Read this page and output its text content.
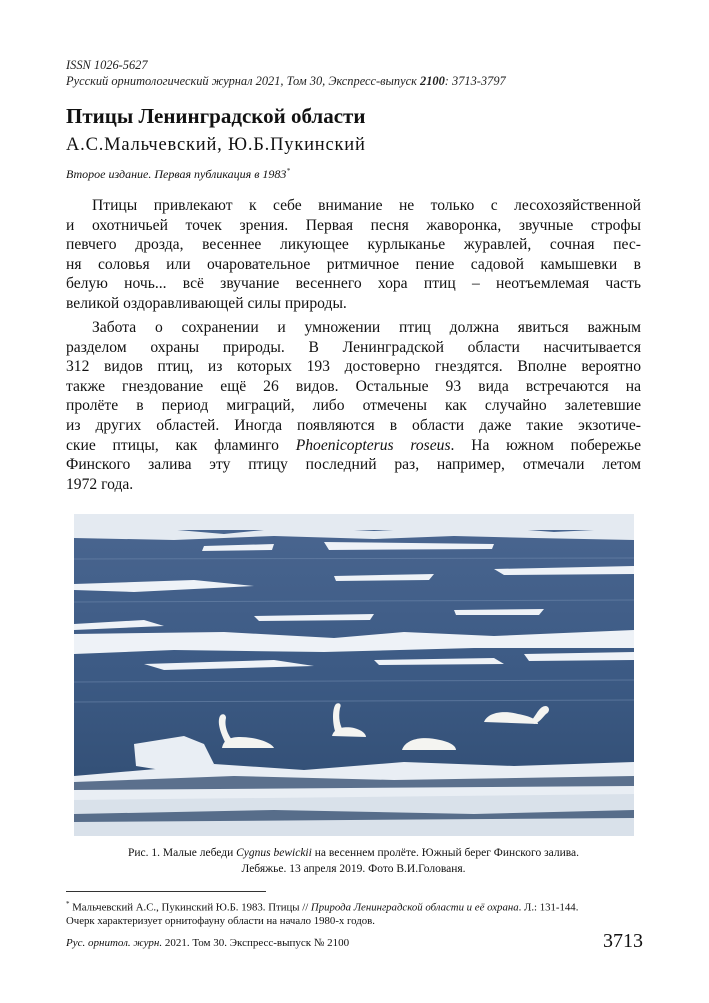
ISSN 1026-5627
Русский орнитологический журнал 2021, Том 30, Экспресс-выпуск 2100: 3713-3797
Птицы Ленинградской области
А.С.Мальчевский, Ю.Б.Пукинский
Второе издание. Первая публикация в 1983*
Птицы привлекают к себе внимание не только с лесохозяйственной
и охотничьей точек зрения. Первая песня жаворонка, звучные строфы
певчего дрозда, весеннее ликующее курлыканье журавлей, сочная пес-
ня соловья или очаровательное ритмичное пение садовой камышевки в
белую ночь... всё звучание весеннего хора птиц – неотъемлемая часть
великой оздоравливающей силы природы.
Забота о сохранении и умножении птиц должна явиться важным
разделом охраны природы. В Ленинградской области насчитывается
312 видов птиц, из которых 193 достоверно гнездятся. Вполне вероятно
также гнездование ещё 26 видов. Остальные 93 вида встречаются на
пролёте в период миграций, либо отмечены как случайно залетевшие
из других областей. Иногда появляются в области даже такие экзотиче-
ские птицы, как фламинго Phoenicopterus roseus. На южном побережье
Финского залива эту птицу последний раз, например, отмечали летом
1972 года.
Рис. 1. Малые лебеди Cygnus bewickii на весеннем пролёте. Южный берег Финского залива.
Лебяжье. 13 апреля 2019. Фото В.И.Голованя.
* Мальчевский А.С., Пукинский Ю.Б. 1983. Птицы // Природа Ленинградской области и её охрана. Л.: 131-144.
Очерк характеризует орнитофауну области на начало 1980-х годов.
Рус. орнитол. журн. 2021. Том 30. Экспресс-выпуск № 2100	3713
